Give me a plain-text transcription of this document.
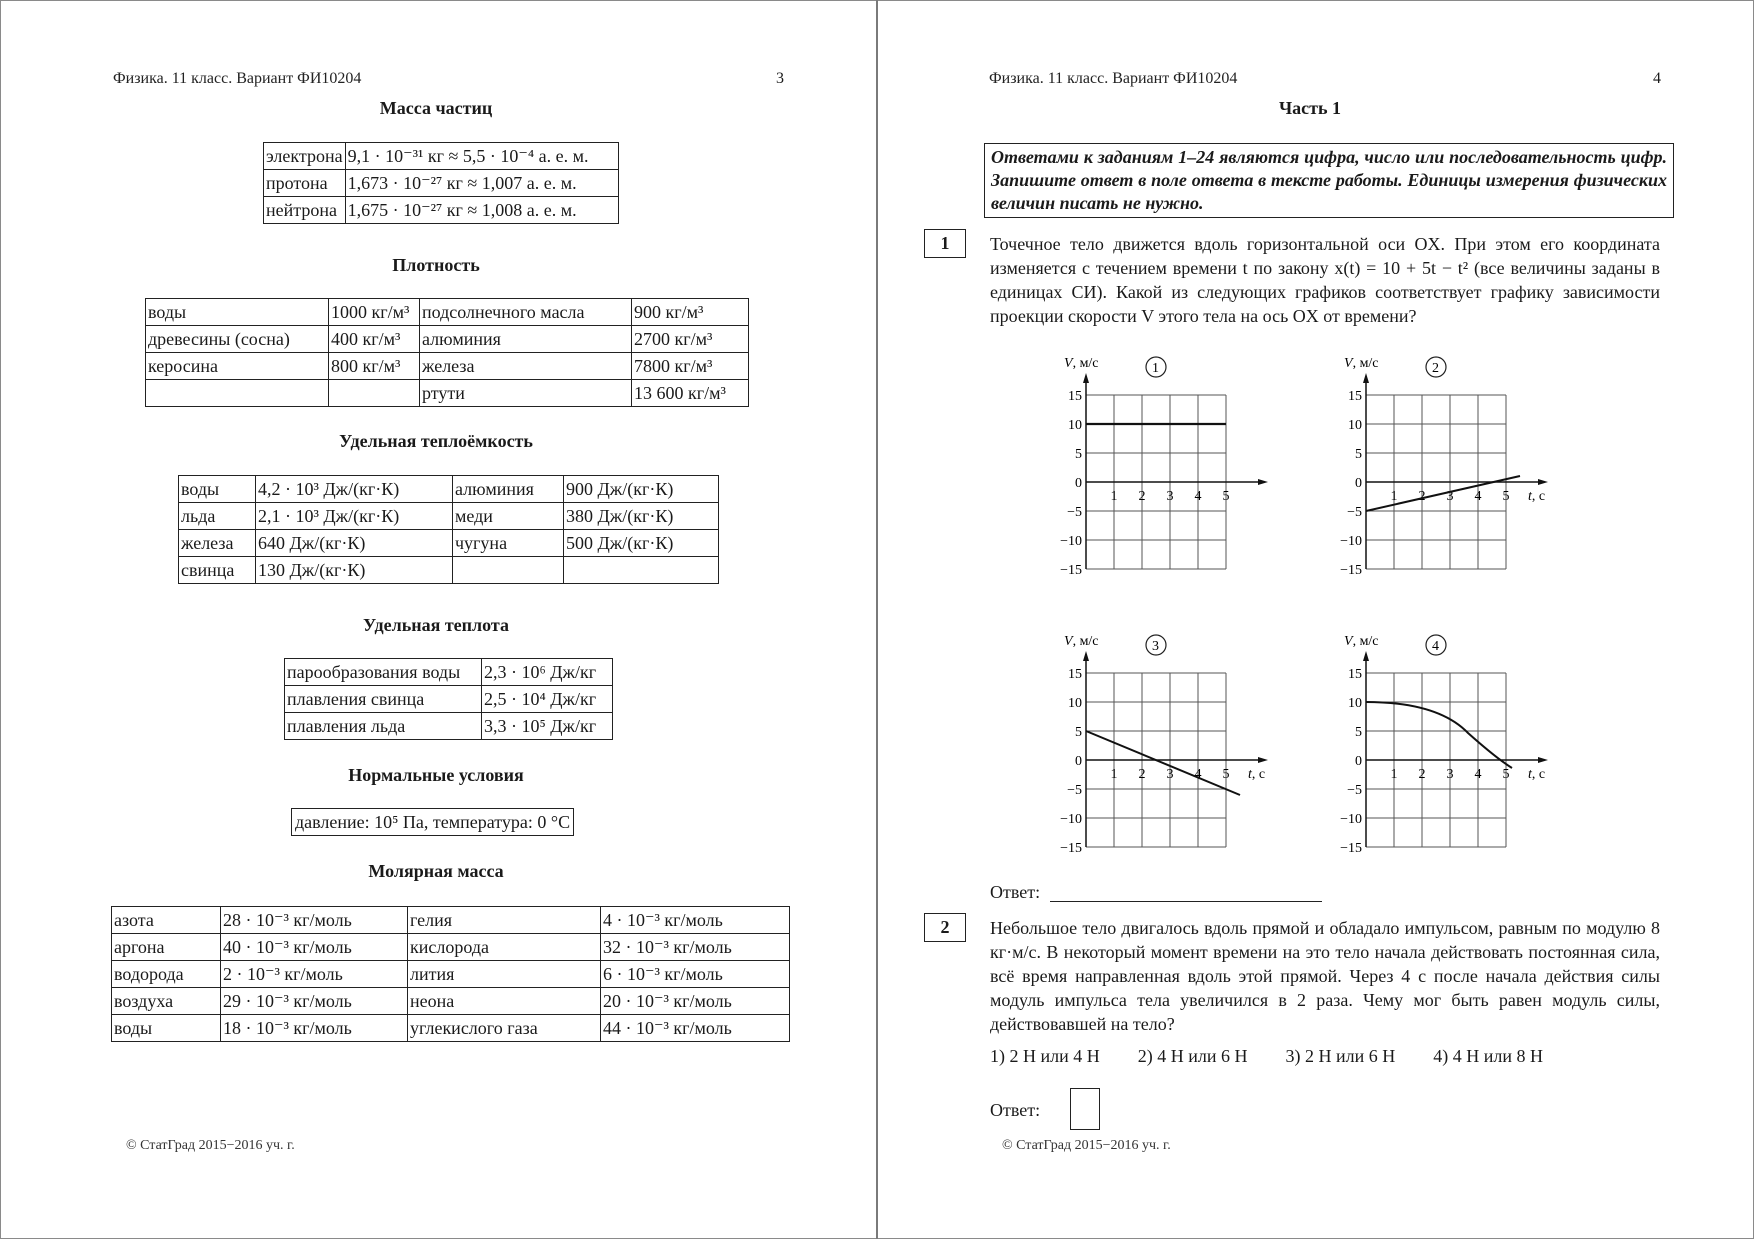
Физика. 11 класс. Вариант ФИ10204	3
Масса частиц
электрона	9,1 · 10⁻³¹ кг ≈ 5,5 · 10⁻⁴ а. е. м.
протона	1,673 · 10⁻²⁷ кг ≈ 1,007 а. е. м.
нейтрона	1,675 · 10⁻²⁷ кг ≈ 1,008 а. е. м.
Плотность
воды	1000 кг/м³	подсолнечного масла	900 кг/м³
древесины (сосна)	400 кг/м³	алюминия	2700 кг/м³
керосина	800 кг/м³	железа	7800 кг/м³
		ртути	13 600 кг/м³
Удельная теплоёмкость
воды	4,2 · 10³ Дж/(кг·К)	алюминия	900 Дж/(кг·К)
льда	2,1 · 10³ Дж/(кг·К)	меди	380 Дж/(кг·К)
железа	640 Дж/(кг·К)	чугуна	500 Дж/(кг·К)
свинца	130 Дж/(кг·К)		
Удельная теплота
парообразования воды	2,3 · 10⁶ Дж/кг
плавления свинца	2,5 · 10⁴ Дж/кг
плавления льда	3,3 · 10⁵ Дж/кг
Нормальные условия
давление: 10⁵ Па, температура: 0 °С
Молярная масса
азота	28 · 10⁻³ кг/моль	гелия	4 · 10⁻³ кг/моль
аргона	40 · 10⁻³ кг/моль	кислорода	32 · 10⁻³ кг/моль
водорода	2 · 10⁻³ кг/моль	лития	6 · 10⁻³ кг/моль
воздуха	29 · 10⁻³ кг/моль	неона	20 · 10⁻³ кг/моль
воды	18 · 10⁻³ кг/моль	углекислого газа	44 · 10⁻³ кг/моль
© СтатГрад 2015−2016 уч. г.
Физика. 11 класс. Вариант ФИ10204	4
Часть 1
Ответами к заданиям 1–24 являются цифра, число или последовательность цифр. Запишите ответ в поле ответа в тексте работы. Единицы измерения физических величин писать не нужно.
1	Точечное тело движется вдоль горизонтальной оси OX. При этом его координата изменяется с течением времени t по закону x(t) = 10 + 5t − t² (все величины заданы в единицах СИ). Какой из следующих графиков соответствует графику зависимости проекции скорости V этого тела на ось OX от времени?
V, м/с	1
15
10
5
0
−5
−10
−15
1 2 3 4 5
V, м/с	2
15
10
5
0
−5
−10
−15
1 2 3 4 5 t, с
V, м/с	3
15
10
5
0
−5
−10
−15
1 2 3 4 5 t, с
V, м/с	4
15
10
5
0
−5
−10
−15
1 2 3 4 5 t, с
Ответ:
2	Небольшое тело двигалось вдоль прямой и обладало импульсом, равным по модулю 8 кг·м/с. В некоторый момент времени на это тело начала действовать постоянная сила, всё время направленная вдоль этой прямой. Через 4 с после начала действия силы модуль импульса тела увеличился в 2 раза. Чему мог быть равен модуль силы, действовавшей на тело?
1) 2 Н или 4 Н 2) 4 Н или 6 Н 3) 2 Н или 6 Н 4) 4 Н или 8 Н
Ответ:
© СтатГрад 2015−2016 уч. г.
